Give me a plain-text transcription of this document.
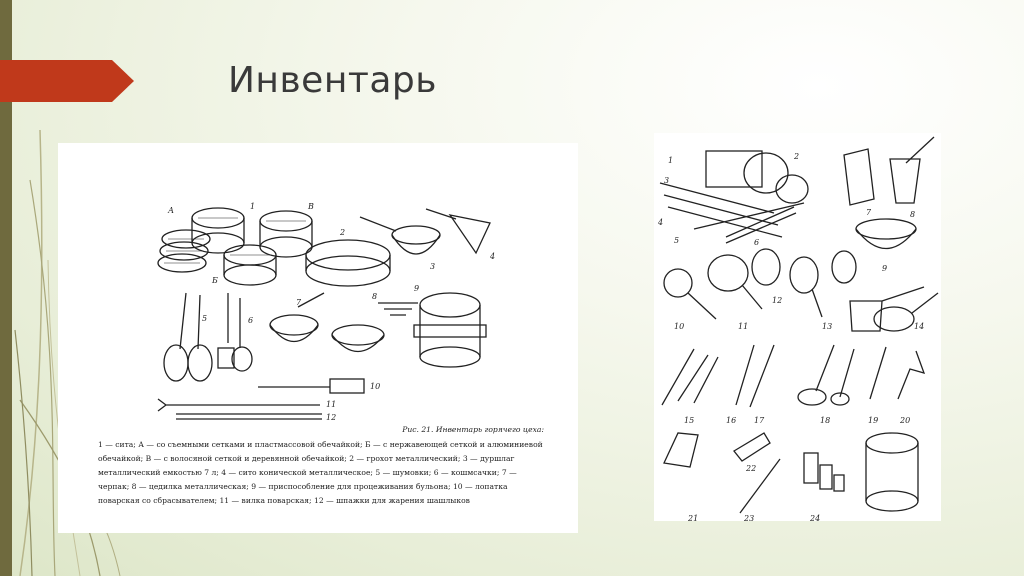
Инвентарь
А	1	В
Б
2
3
4
5	6
7
8
9
10
11
12
Рис. 21. Инвентарь горячего цеха:
1 — сита; А — со съемными сетками и пластмассовой обечайкой; Б — с нержавеющей сеткой и алюминиевой обечайкой; В — с волосяной сеткой и деревянной обечайкой; 2 — грохот металлический; 3 — дуршлаг металлический емкостью 7 л; 4 — сито конической металлическое; 5 — шумовки; 6 — кошмсачки; 7 — черпак; 8 — цедилка металлическая; 9 — приспособление для процеживания бульона; 10 — лопатка поварская со сбрасывателем; 11 — вилка поварская; 12 — шпажки для жарения шашлыков
1	2
3
4
5	6
7	8
9
10	11
12
13	14
15	16 17	18	19	20
21
22
23	24
